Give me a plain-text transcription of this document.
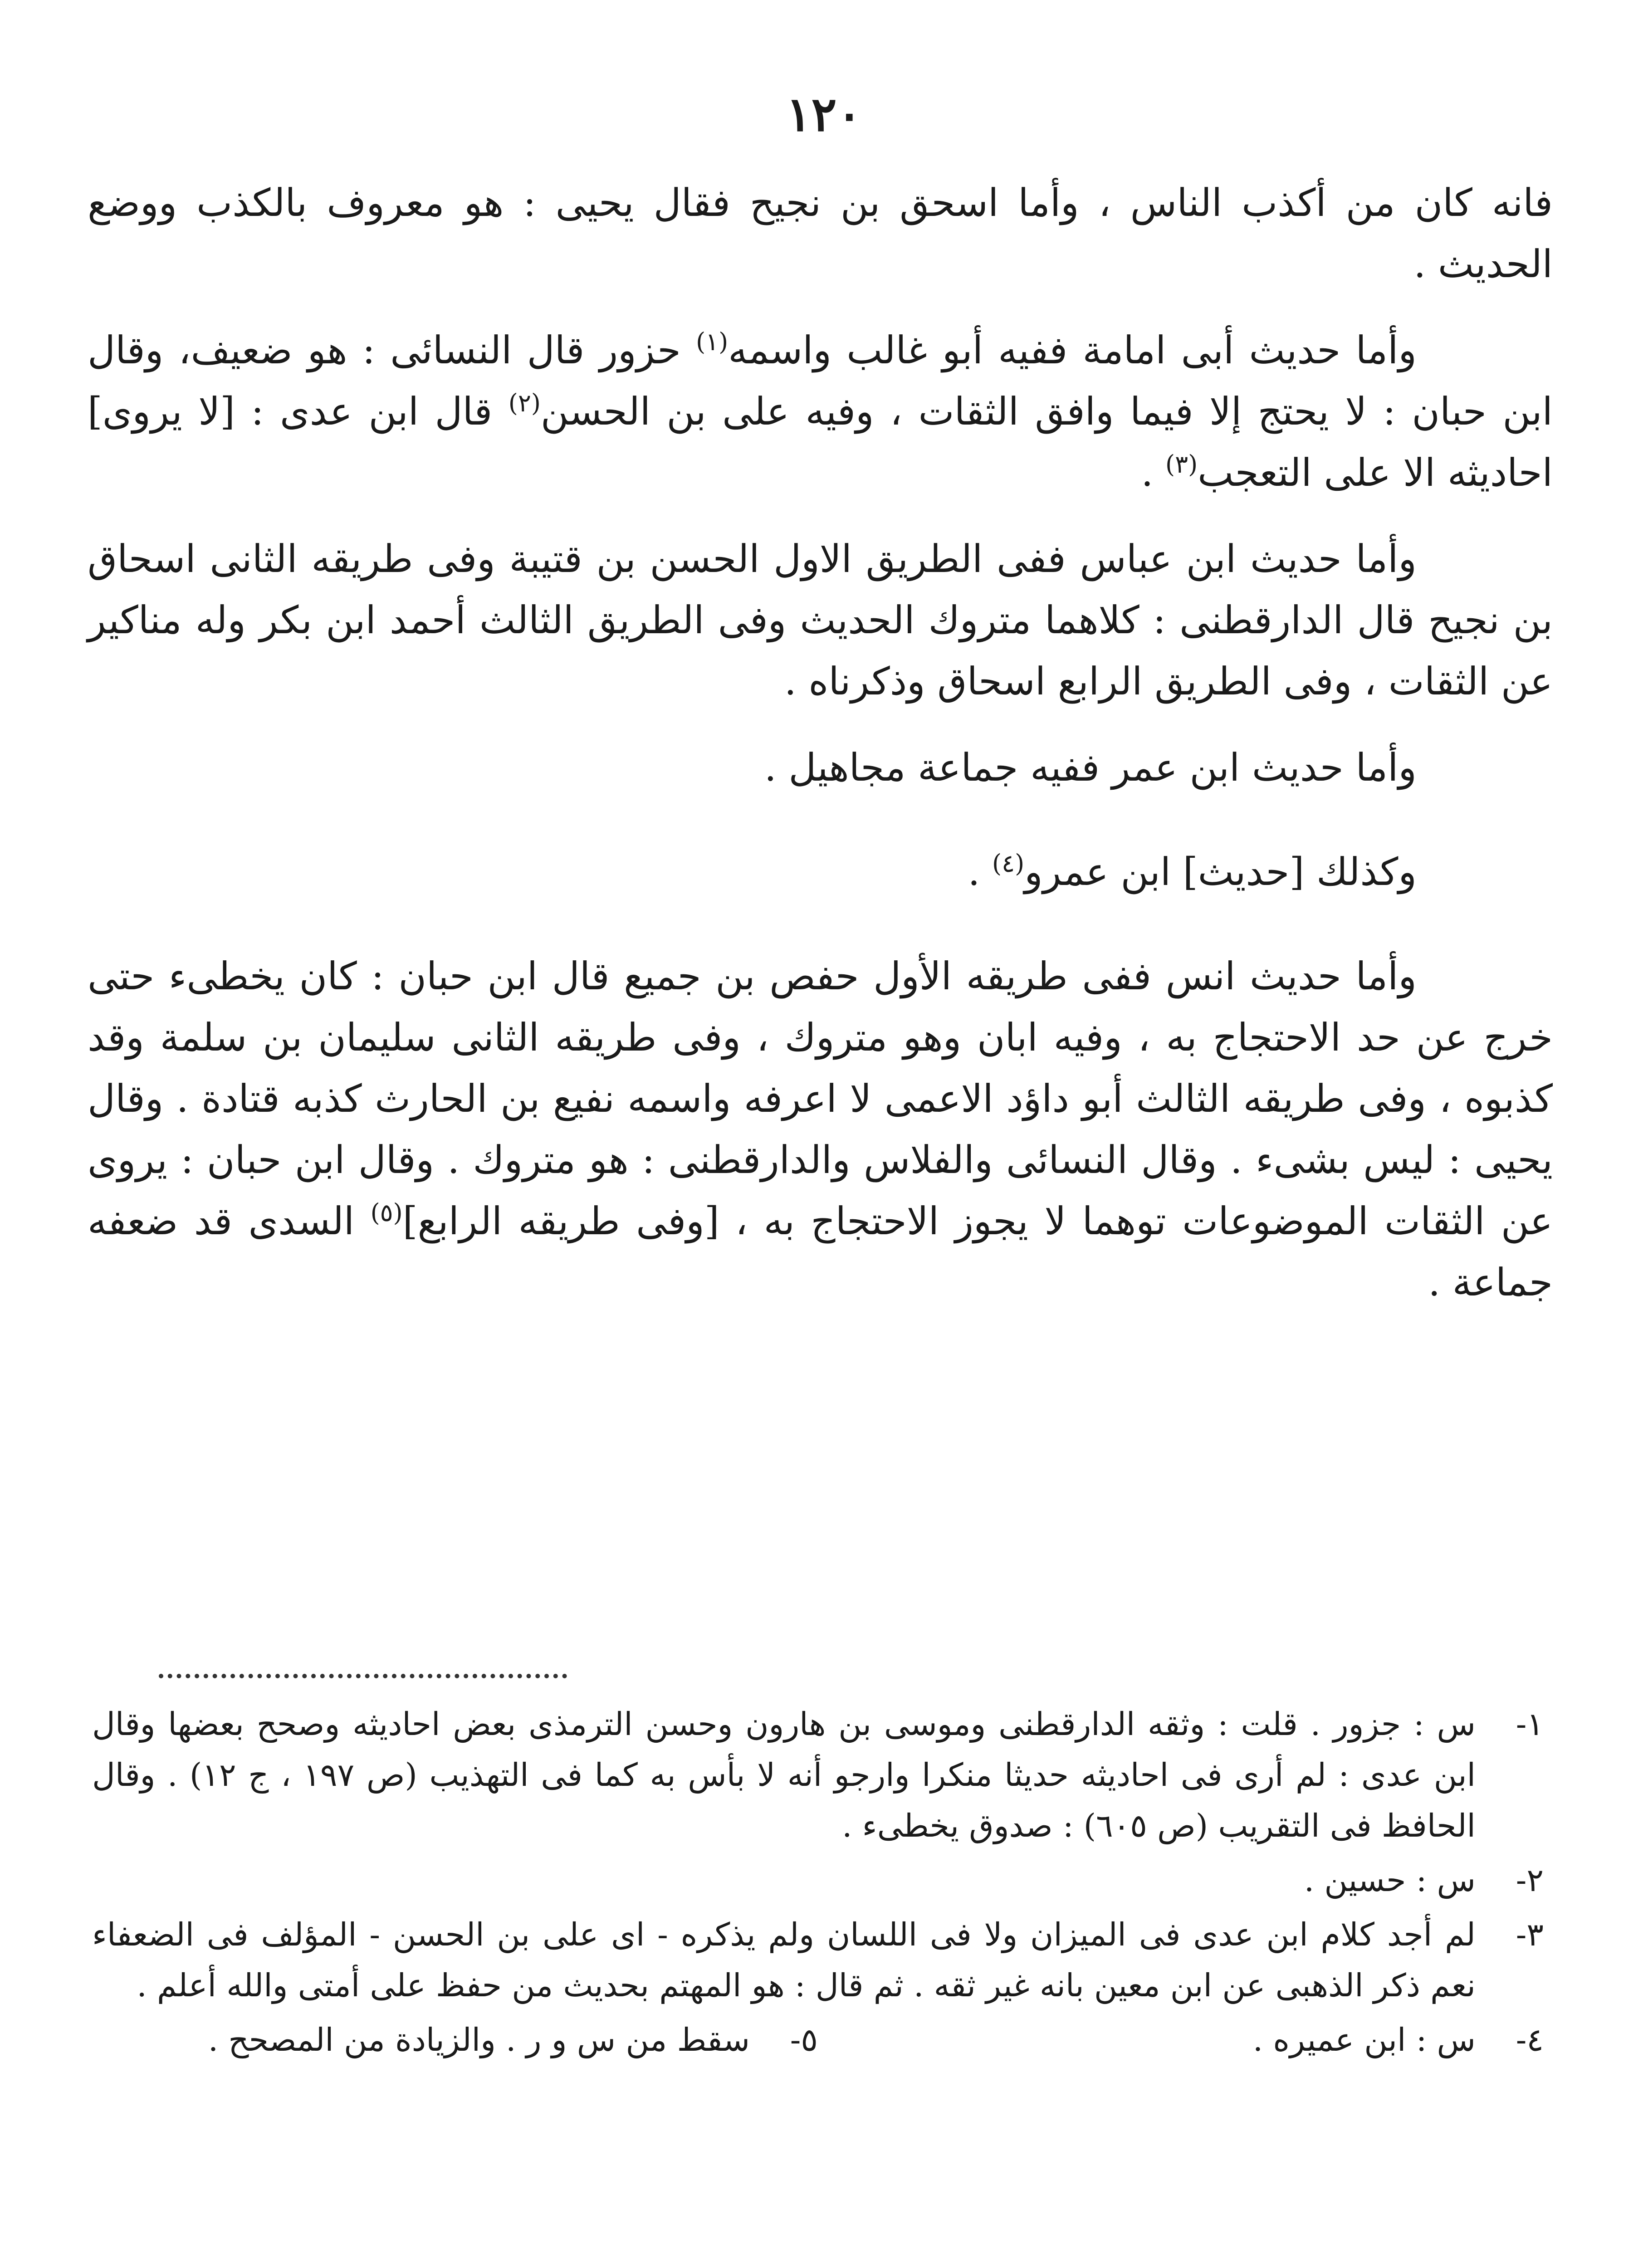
١٢٠

فانه كان من أكذب الناس ، وأما اسحق بن نجيح فقال يحيى : هو معروف بالكذب ووضع الحديث .

وأما حديث أبى امامة ففيه أبو غالب واسمه$^{(١)}$ حزور قال النسائى : هو ضعيف، وقال ابن حبان : لا يحتج إلا فيما وافق الثقات ، وفيه على بن الحسن$^{(٢)}$ قال ابن عدى : [لا يروى] احاديثه الا على التعجب$^{(٣)}$ .

وأما حديث ابن عباس ففى الطريق الاول الحسن بن قتيبة وفى طريقه الثانى اسحاق بن نجيح قال الدارقطنى : كلاهما متروك الحديث وفى الطريق الثالث أحمد ابن بكر وله مناكير عن الثقات ، وفى الطريق الرابع اسحاق وذكرناه .

وأما حديث ابن عمر ففيه جماعة مجاهيل .

وكذلك [حديث] ابن عمرو$^{(٤)}$ .

وأما حديث انس ففى طريقه الأول حفص بن جميع قال ابن حبان : كان يخطىء حتى خرج عن حد الاحتجاج به ، وفيه ابان وهو متروك ، وفى طريقه الثانى سليمان بن سلمة وقد كذبوه ، وفى طريقه الثالث أبو داؤد الاعمى لا اعرفه واسمه نفيع بن الحارث كذبه قتادة . وقال يحيى : ليس بشىء . وقال النسائى والفلاس والدارقطنى : هو متروك . وقال ابن حبان : يروى عن الثقات الموضوعات توهما لا يجوز الاحتجاج به ، [وفى طريقه الرابع]$^{(٥)}$ السدى قد ضعفه جماعة .

١-
س : جزور . قلت : وثقه الدارقطنى وموسى بن هارون وحسن الترمذى بعض احاديثه وصحح بعضها وقال ابن عدى : لم أرى فى احاديثه حديثا منكرا وارجو أنه لا بأس به كما فى التهذيب (ص ١٩٧ ، ج ١٢) . وقال الحافظ فى التقريب (ص ٦٠٥) : صدوق يخطىء .
٢-
س : حسين .
٣-
لم أجد كلام ابن عدى فى الميزان ولا فى اللسان ولم يذكره - اى على بن الحسن - المؤلف فى الضعفاء نعم ذكر الذهبى عن ابن معين بانه غير ثقه . ثم قال : هو المهتم بحديث من حفظ على أمتى والله أعلم .
٤-
س : ابن عميره .
٥-
سقط من س و ر . والزيادة من المصحح .
